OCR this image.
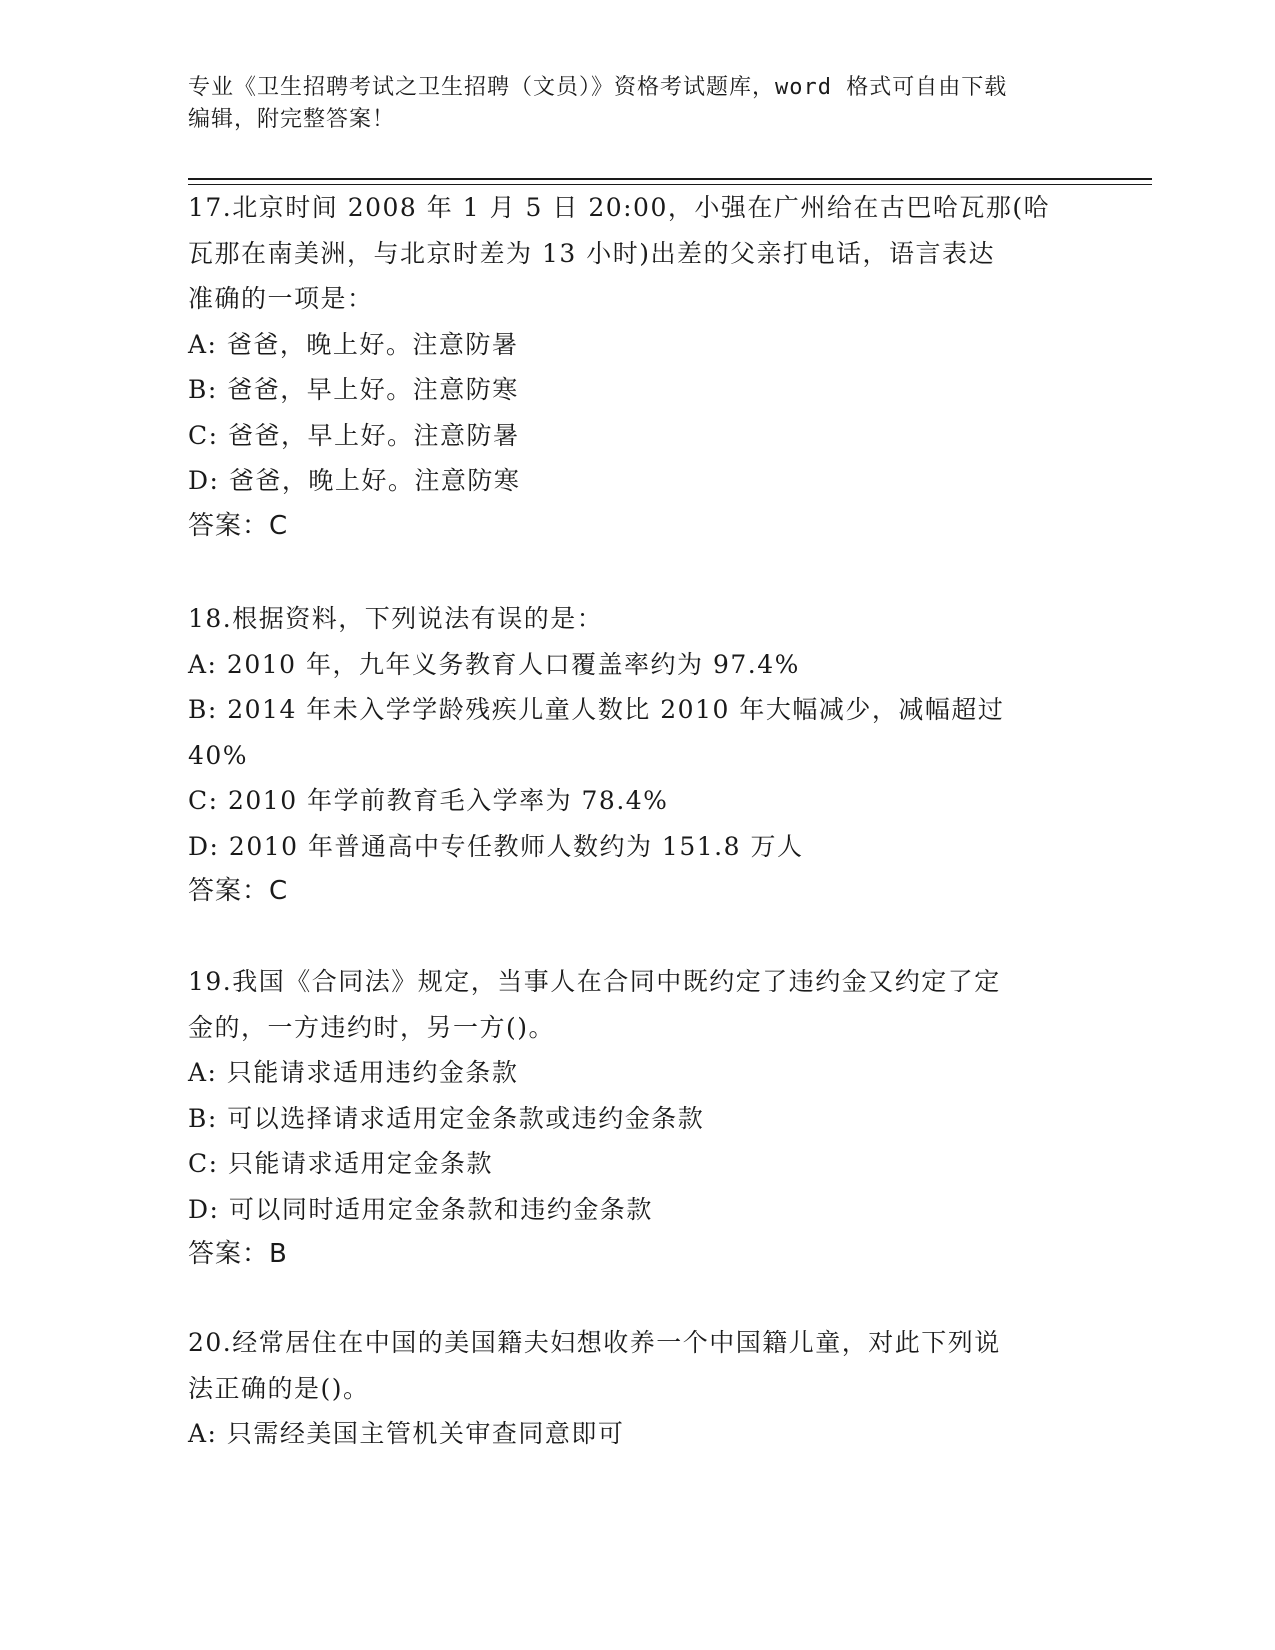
专业《卫生招聘考试之卫生招聘（文员）》资格考试题库，word 格式可自由下载
编辑，附完整答案！
17.北京时间 2008 年 1 月 5 日 20:00，小强在广州给在古巴哈瓦那(哈
瓦那在南美洲，与北京时差为 13 小时)出差的父亲打电话，语言表达
准确的一项是：
A: 爸爸，晚上好。注意防暑
B: 爸爸，早上好。注意防寒
C: 爸爸，早上好。注意防暑
D: 爸爸，晚上好。注意防寒
答案：C
18.根据资料，下列说法有误的是：
A: 2010 年，九年义务教育人口覆盖率约为 97.4%
B: 2014 年未入学学龄残疾儿童人数比 2010 年大幅减少，减幅超过
40%
C: 2010 年学前教育毛入学率为 78.4%
D: 2010 年普通高中专任教师人数约为 151.8 万人
答案：C
19.我国《合同法》规定，当事人在合同中既约定了违约金又约定了定
金的，一方违约时，另一方()。
A: 只能请求适用违约金条款
B: 可以选择请求适用定金条款或违约金条款
C: 只能请求适用定金条款
D: 可以同时适用定金条款和违约金条款
答案：B
20.经常居住在中国的美国籍夫妇想收养一个中国籍儿童，对此下列说
法正确的是()。
A: 只需经美国主管机关审查同意即可
